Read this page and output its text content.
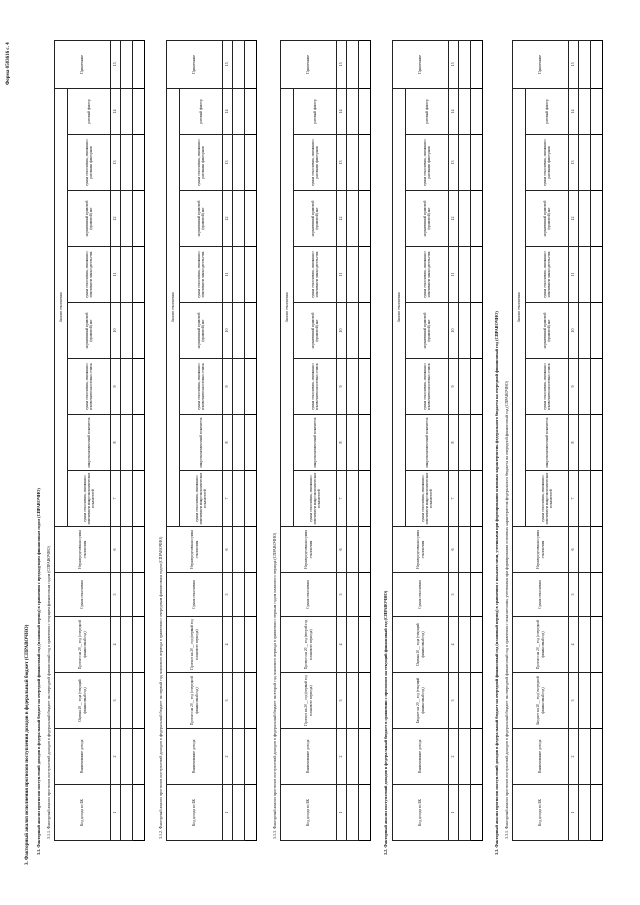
Форма 0503616 с. 4
3. Факторный анализ исполнения прогнозов поступления доходов в федеральный бюджет (СПРАВОЧНО) 3.1. Факторный анализ прогнозов поступлений доходов в федеральный бюджет на очередной финансовый год (плановый период) в сравнении с предыдущим финансовым годом (СПРАВОЧНО) 3.1.1. Факторный анализ прогнозов поступлений доходов в федеральный бюджет на очередной финансовый год в сравнении с текущим финансовым годом (СПРАВОЧНО)	Код дохода по БК	Наименование дохода	Оценка 20__ года (текущий финансовый год)	Прогноз на 20__ год (очередной финансовый год)	Сумма отклонения	Нераспределенная сумма отклонения	Анализ отклонения								Примечание
						сумма отклонения, связанная с изменением макроэкономических показателей	макроэкономический показатель	сумма отклонения, связанная с изменением налоговых ставок	нормативный правовой (правовой) акт	сумма отклонения, связанная с изменением законодательства	нормативный правовой (правовой) акт	сумма отклонения, связанная с разовыми факторами	разовый фактор	
1	2	3	4	5	6	7	8	9	10	11	12	13	14	15

3.1.2. Факторный анализ прогнозов поступлений доходов в федеральный бюджет на первый год планового периода в сравнении с очередным финансовым годом (СПРАВОЧНО)	Код дохода по БК	Наименование дохода	Прогноз на 20__ год (очередной финансовый год)	Прогноз на 20__ год (первый год планового периода)	Сумма отклонения	Нераспределенная сумма отклонения	Анализ отклонения								Примечание
						сумма отклонения, связанная с изменением макроэкономических показателей	макроэкономический показатель	сумма отклонения, связанная с изменением налоговых ставок	нормативный правовой (правовой) акт	сумма отклонения, связанная с изменением законодательства	нормативный правовой (правовой) акт	сумма отклонения, связанная с разовыми факторами	разовый фактор	
1	2	3	4	5	6	7	8	9	10	11	12	13	14	15

3.1.3. Факторный анализ прогнозов поступлений доходов в федеральный бюджет на второй год планового периода в сравнении с первым годом планового периода (СПРАВОЧНО)	Код дохода по БК	Наименование дохода	Прогноз на 20__ год (первый год планового периода)	Прогноз на 20__ год (второй год планового периода)	Сумма отклонения	Нераспределенная сумма отклонения	Анализ отклонения								Примечание
						сумма отклонения, связанная с изменением макроэкономических показателей	макроэкономический показатель	сумма отклонения, связанная с изменением налоговых ставок	нормативный правовой (правовой) акт	сумма отклонения, связанная с изменением законодательства	нормативный правовой (правовой) акт	сумма отклонения, связанная с разовыми факторами	разовый фактор	
1	2	3	4	5	6	7	8	9	10	11	12	13	14	15

3.2. Факторный анализ поступлений доходов в федеральный бюджет в сравнении с прогнозом на текущий финансовый год (СПРАВОЧНО)	Код дохода по БК	Наименование дохода	Бюджет на 20__ год (текущий финансовый год)	Оценка 20__ года (текущий финансовый год)	Сумма отклонения	Нераспределенная сумма отклонения	Анализ отклонения								Примечание
						сумма отклонения, связанная с изменением макроэкономических показателей	макроэкономический показатель	сумма отклонения, связанная с изменением налоговых ставок	нормативный правовой (правовой) акт	сумма отклонения, связанная с изменением законодательства	нормативный правовой (правовой) акт	сумма отклонения, связанная с разовыми факторами	разовый фактор	
1	2	3	4	5	6	7	8	9	10	11	12	13	14	15

3.3. Факторный анализ прогнозов поступлений доходов в федеральный бюджет на очередной финансовый год (плановый период) в сравнении с показателями, учтенными при формировании основных характеристик федерального бюджета на очередной финансовый год (СПРАВОЧНО) 3.3.1. Факторный анализ прогнозов поступлений доходов в федеральный бюджет на очередной финансовый год в сравнении с показателями, учтенными при формировании основных характеристик федерального бюджета на очередной финансовый год (СПРАВОЧНО)	Код дохода по БК	Наименование дохода	Бюджет на 20__ год (очередной финансовый год)	Прогноз на 20__ год (очередной финансовый год)	Сумма отклонения	Нераспределенная сумма отклонения	Анализ отклонения								Примечание
						сумма отклонения, связанная с изменением макроэкономических показателей	макроэкономический показатель	сумма отклонения, связанная с изменением налоговых ставок	нормативный правовой (правовой) акт	сумма отклонения, связанная с изменением законодательства	нормативный правовой (правовой) акт	сумма отклонения, связанная с разовыми факторами	разовый фактор	
1	2	3	4	5	6	7	8	9	10	11	12	13	14	15
